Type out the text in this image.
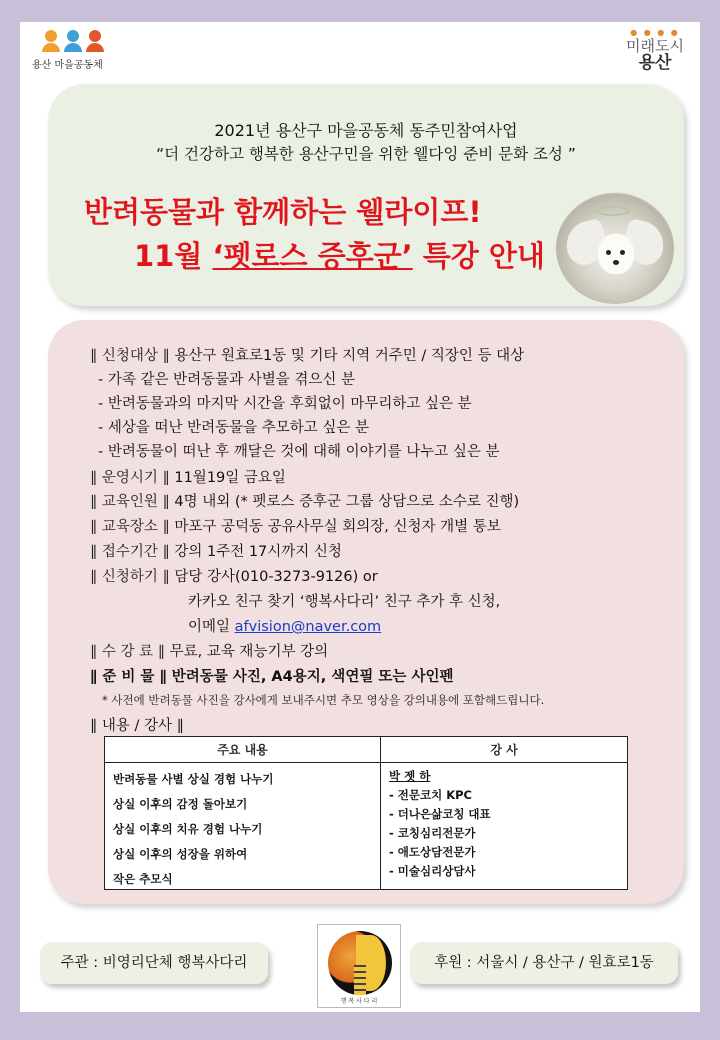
용산 마을공동체
● ● ● ●
미래도시
용산
2021년 용산구 마을공동체 동주민참여사업
“더 건강하고 행복한 용산구민을 위한 웰다잉 준비 문화 조성 ”
반려동물과 함께하는 웰라이프!
11월 ‘펫로스 증후군’ 특강 안내
∥ 신청대상 ∥ 용산구 원효로1동 및 기타 지역 거주민 / 직장인 등 대상
- 가족 같은 반려동물과 사별을 겪으신 분
- 반려동물과의 마지막 시간을 후회없이 마무리하고 싶은 분
- 세상을 떠난 반려동물을 추모하고 싶은 분
- 반려동물이 떠난 후 깨달은 것에 대해 이야기를 나누고 싶은 분
∥ 운영시기 ∥ 11월19일 금요일
∥ 교육인원 ∥ 4명 내외 (* 펫로스 증후군 그룹 상담으로 소수로 진행)
∥ 교육장소 ∥ 마포구 공덕동 공유사무실 회의장, 신청자 개별 통보
∥ 접수기간 ∥ 강의 1주전 17시까지 신청
∥ 신청하기 ∥ 담당 강사(010-3273-9126) or
카카오 친구 찾기 ‘행복사다리’ 친구 추가 후 신청,
이메일 afvision@naver.com
∥ 수 강 료 ∥ 무료, 교육 재능기부 강의
∥ 준 비 물 ∥ 반려동물 사진, A4용지, 색연필 또는 사인펜
* 사전에 반려동물 사진을 강사에게 보내주시면 추모 영상을 강의내용에 포함해드립니다.
∥ 내용 / 강사 ∥
주요 내용	강 사
반려동물 사별 상실 경험 나누기
상실 이후의 감정 돌아보기
상실 이후의 치유 경험 나누기
상실 이후의 성장을 위하여
작은 추모식
박 젯 하
- 전문코치 KPC
- 더나은삶코칭 대표
- 코칭심리전문가
- 애도상담전문가
- 미술심리상담사
주관 : 비영리단체 행복사다리
행 복 사 다 리
후원 : 서울시 / 용산구 / 원효로1동
